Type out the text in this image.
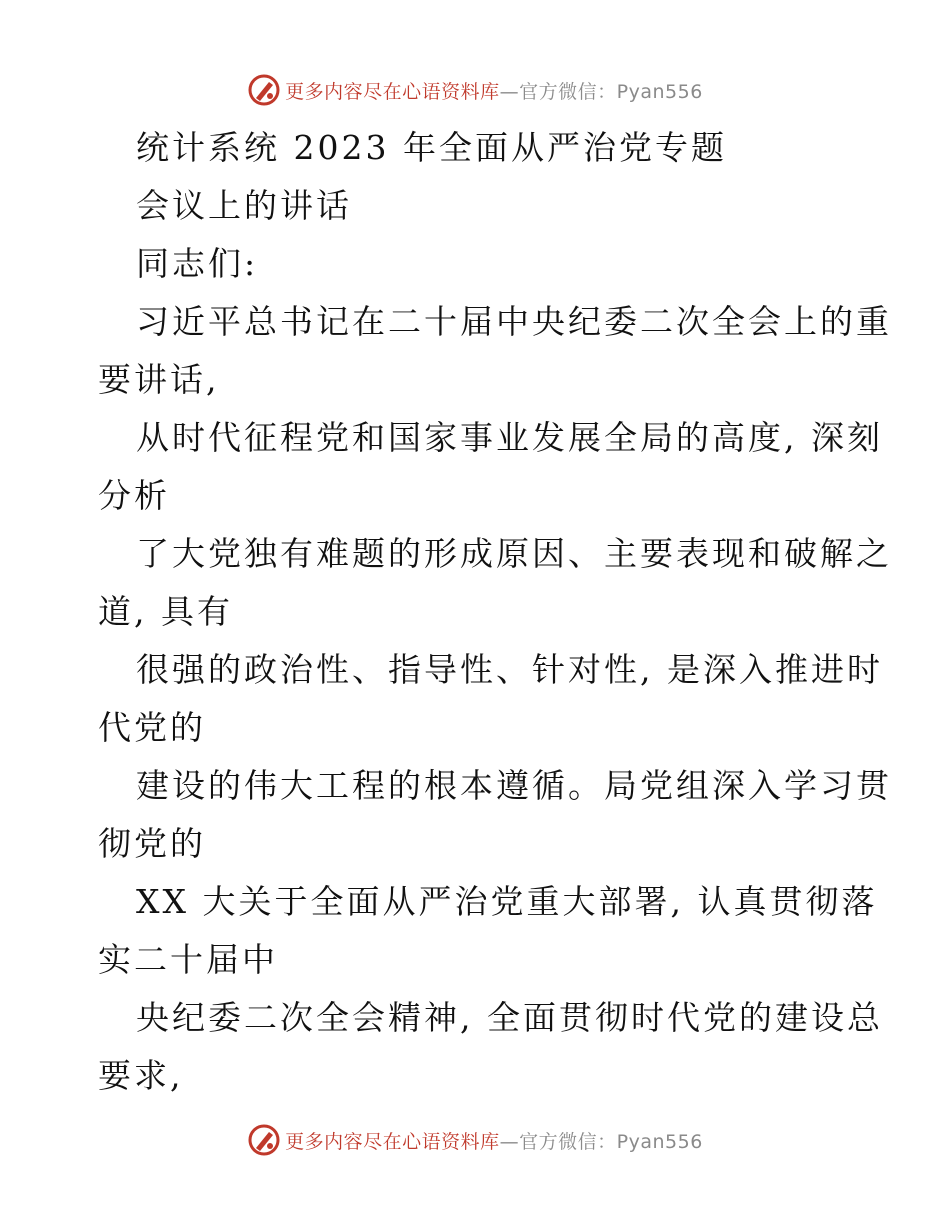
更多内容尽在心语资料库—官方微信：Pyan556
统计系统 2023 年全面从严治党专题
会议上的讲话
同志们:
习近平总书记在二十届中央纪委二次全会上的重
要讲话,
从时代征程党和国家事业发展全局的高度, 深刻
分析
了大党独有难题的形成原因、主要表现和破解之
道, 具有
很强的政治性、指导性、针对性, 是深入推进时
代党的
建设的伟大工程的根本遵循。局党组深入学习贯
彻党的
XX 大关于全面从严治党重大部署, 认真贯彻落
实二十届中
央纪委二次全会精神, 全面贯彻时代党的建设总
要求,
更多内容尽在心语资料库—官方微信：Pyan556
